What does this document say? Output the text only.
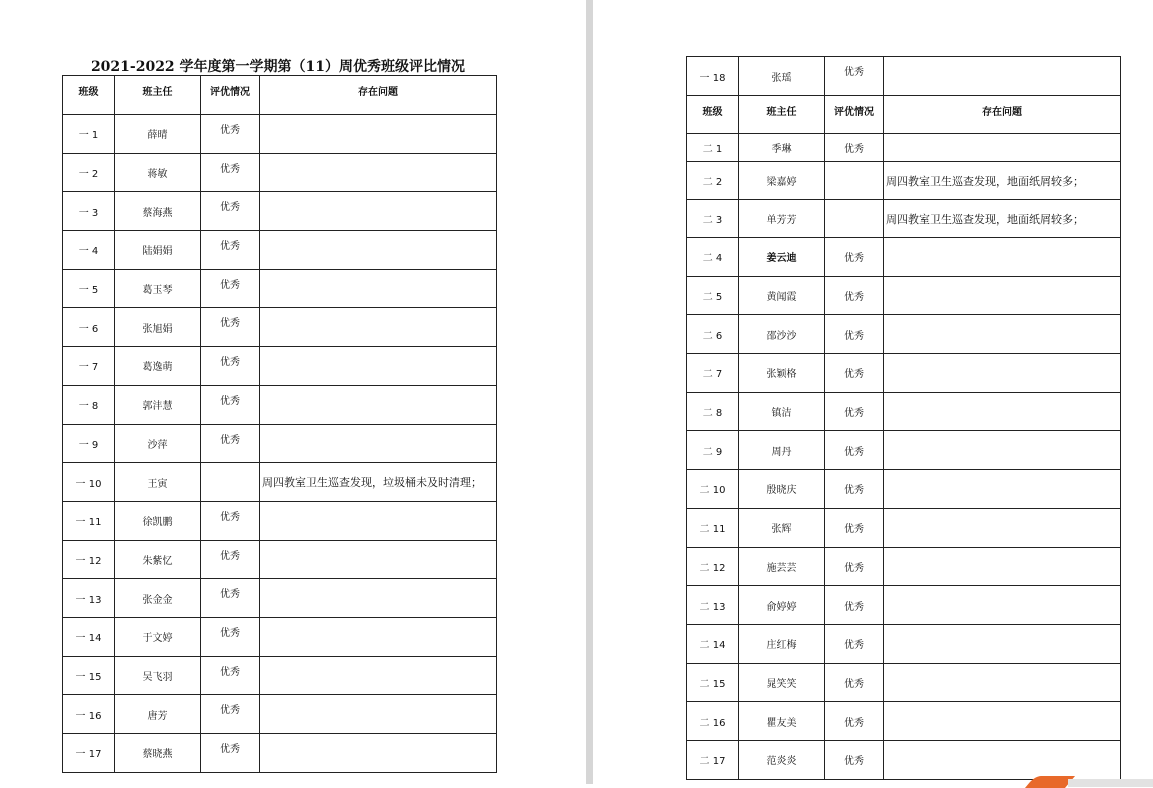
2021-2022 学年度第一学期第（11）周优秀班级评比情况
班级	班主任	评优情况	存在问题
一 1	薛晴	优秀	
一 2	蒋敏	优秀	
一 3	蔡海燕	优秀	
一 4	陆娟娟	优秀	
一 5	葛玉琴	优秀	
一 6	张旭娟	优秀	
一 7	葛逸萌	优秀	
一 8	郭沣慧	优秀	
一 9	沙萍	优秀	
一 10	王寅		周四教室卫生巡查发现，垃圾桶未及时清理；
一 11	徐凯鹏	优秀	
一 12	朱紫忆	优秀	
一 13	张金金	优秀	
一 14	于文婷	优秀	
一 15	吴飞羽	优秀	
一 16	唐芳	优秀	
一 17	蔡晓燕	优秀	
一 18	张瑶	优秀	
班级	班主任	评优情况	存在问题
二 1	季琳	优秀	
二 2	梁嘉婷		周四教室卫生巡查发现，地面纸屑较多；
二 3	单芳芳		周四教室卫生巡查发现，地面纸屑较多；
二 4	姜云迪	优秀	
二 5	黄闻霞	优秀	
二 6	邵沙沙	优秀	
二 7	张颖格	优秀	
二 8	镇洁	优秀	
二 9	周丹	优秀	
二 10	殷晓庆	优秀	
二 11	张辉	优秀	
二 12	施芸芸	优秀	
二 13	俞婷婷	优秀	
二 14	庄红梅	优秀	
二 15	晁笑笑	优秀	
二 16	瞿友美	优秀	
二 17	范炎炎	优秀	
